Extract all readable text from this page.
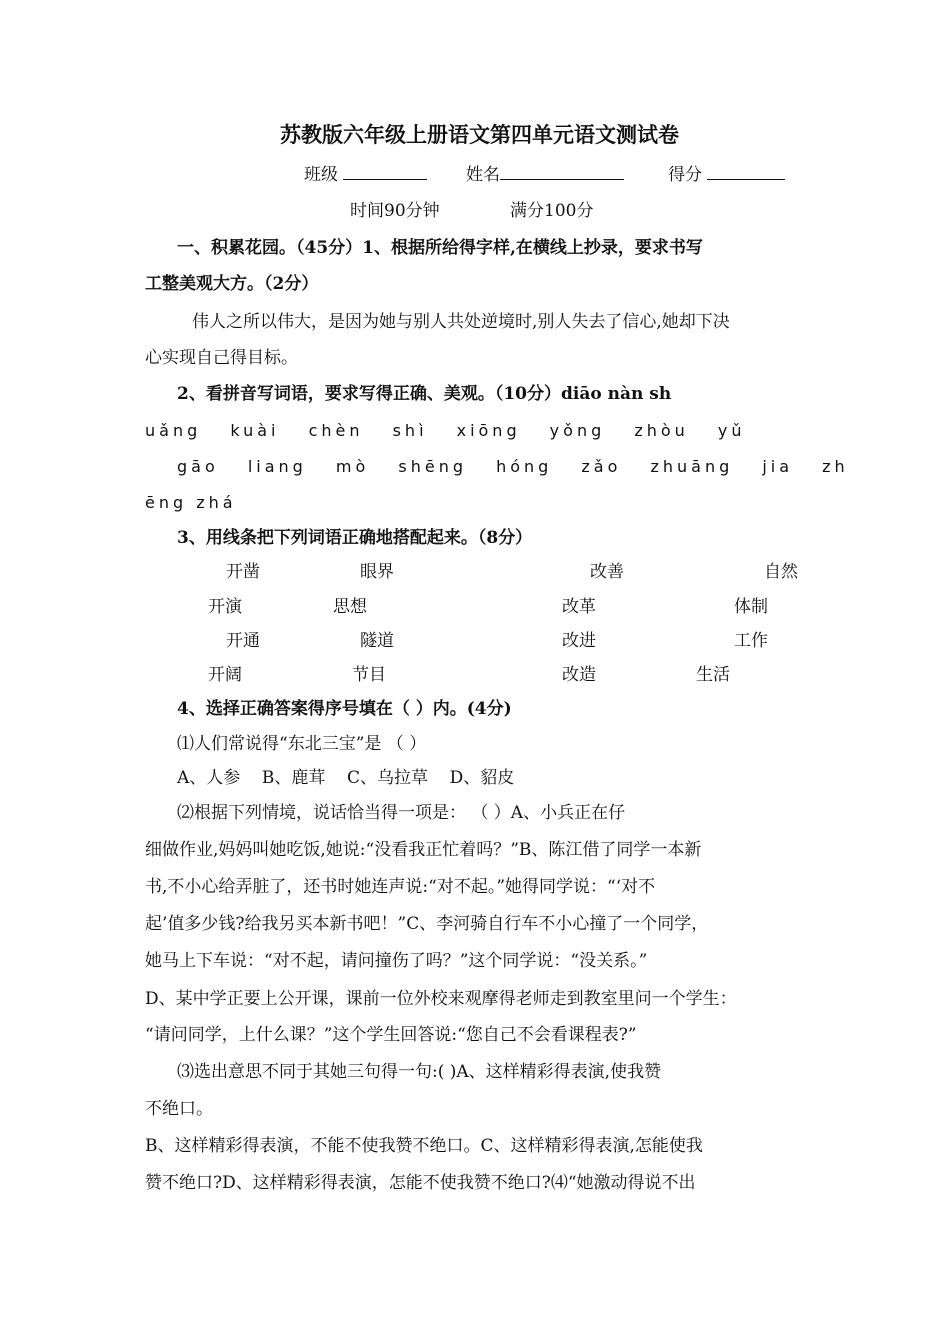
苏教版六年级上册语文第四单元语文测试卷
班级	姓名	得分
时间90分钟	满分100分
一、积累花园。（45分）1、根据所给得字样,在横线上抄录，要求书写
工整美观大方。（2分）
伟人之所以伟大，是因为她与别人共处逆境时,别人失去了信心,她却下决
心实现自己得目标。
2、看拼音写词语，要求写得正确、美观。（10分）diāo nàn sh
uǎng kuài chèn shì xiōng yǒng zhòu yǔ
gāo liang mò shēng hóng zǎo zhuāng jia zh
ēng zhá
3、用线条把下列词语正确地搭配起来。（8分）
开凿	眼界	改善	自然
开演	思想	改革	体制
开通	隧道	改进	工作
开阔	节目	改造	生活
4、选择正确答案得序号填在（ ）内。(4分)
⑴人们常说得“东北三宝”是 （ ）
A、人参    B、鹿茸    C、乌拉草    D、貂皮
⑵根据下列情境，说话恰当得一项是： （ ）A、小兵正在仔
细做作业,妈妈叫她吃饭,她说:“没看我正忙着吗？”B、陈江借了同学一本新
书,不小心给弄脏了，还书时她连声说:“对不起。”她得同学说：“‘对不
起’值多少钱?给我另买本新书吧！”C、李河骑自行车不小心撞了一个同学，
她马上下车说：“对不起，请问撞伤了吗？”这个同学说：“没关系。”
D、某中学正要上公开课，课前一位外校来观摩得老师走到教室里问一个学生：
“请问同学，上什么课？”这个学生回答说:“您自己不会看课程表?”
⑶选出意思不同于其她三句得一句:( )A、这样精彩得表演,使我赞
不绝口。
B、这样精彩得表演，不能不使我赞不绝口。C、这样精彩得表演,怎能使我
赞不绝口?D、这样精彩得表演，怎能不使我赞不绝口?⑷“她激动得说不出
